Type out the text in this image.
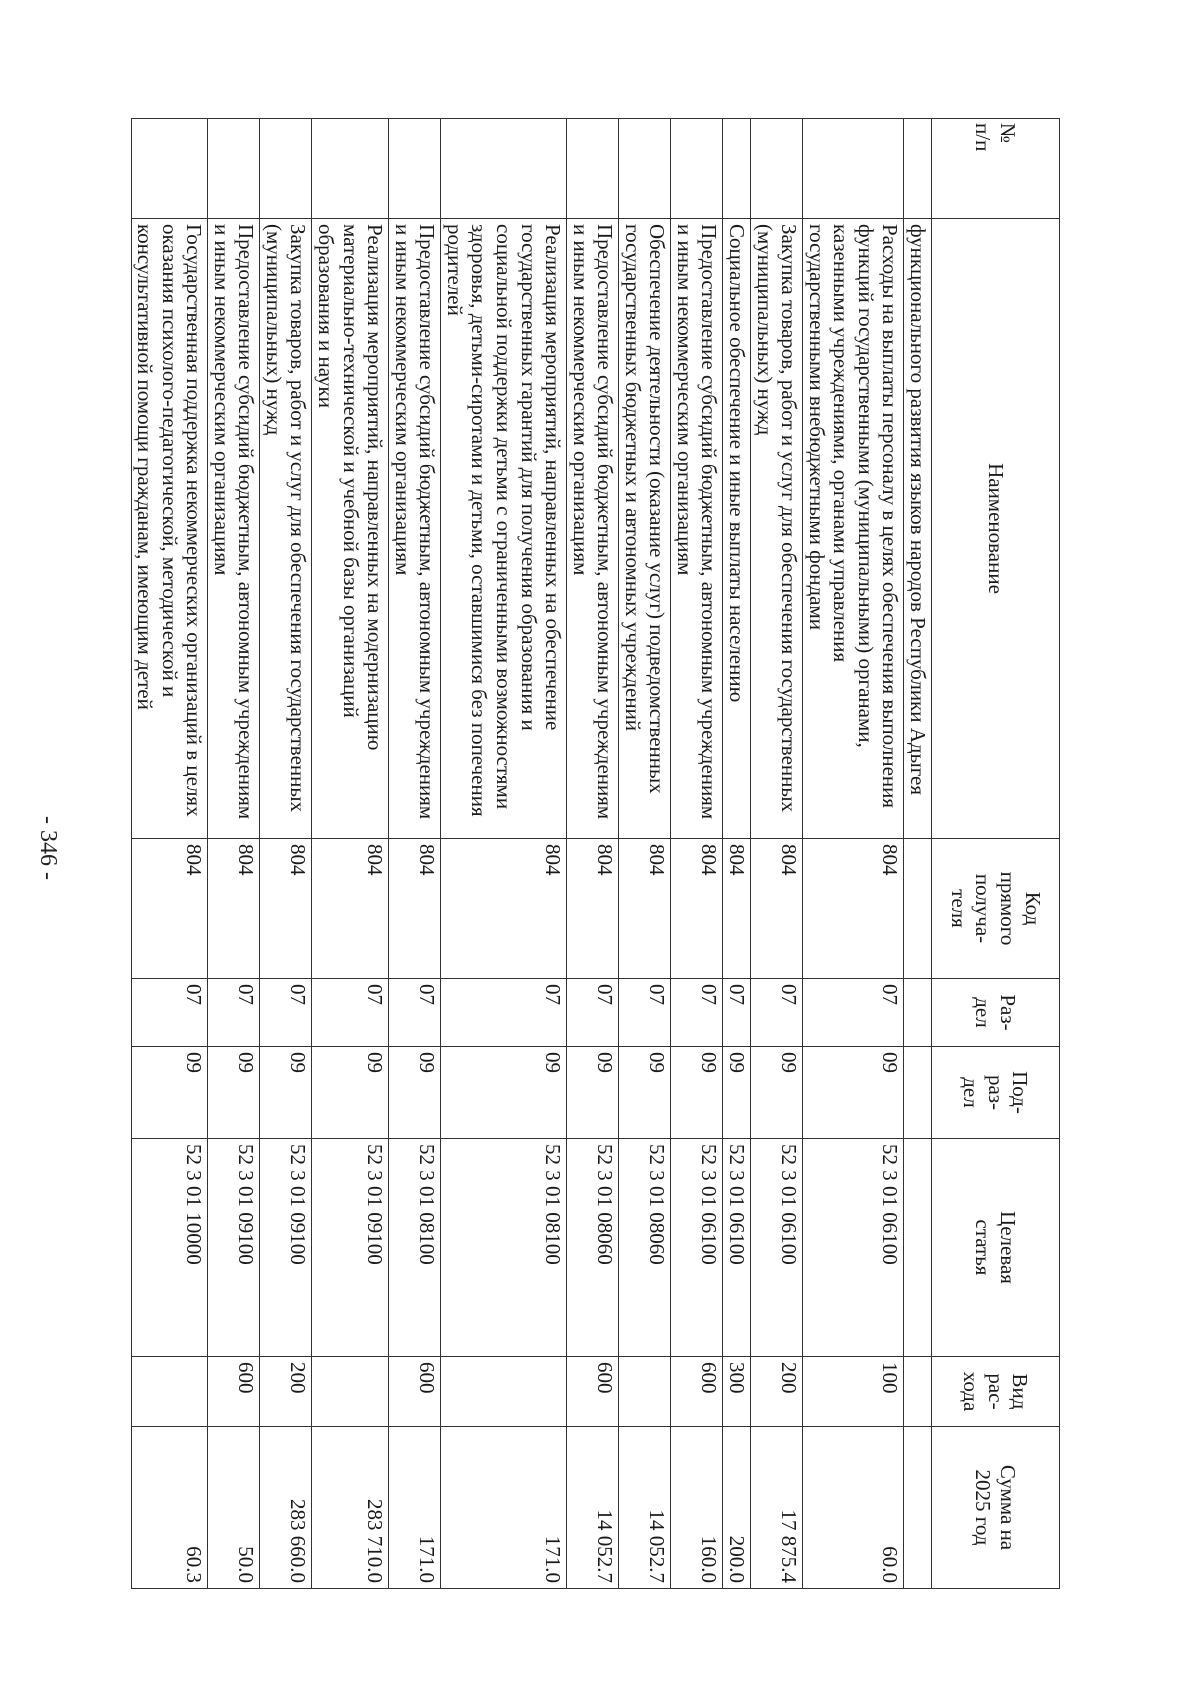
- 346 -
№
п/п	Наименование	Код
прямого
получа-
теля	Раз-
дел	Под-
раз-
дел	Целевая
статья	Вид
рас-
хода	Сумма на
2025 год
	функционального развития языков народов Республики Адыгея						
	Расходы на выплаты персоналу в целях обеспечения выполнения функций государственными (муниципальными) органами, казенными учреждениями, органами управления государственными внебюджетными фондами	804	07	09	52 3 01 06100	100	60.0
	Закупка товаров, работ и услуг для обеспечения государственных (муниципальных) нужд	804	07	09	52 3 01 06100	200	17 875.4
	Социальное обеспечение и иные выплаты населению	804	07	09	52 3 01 06100	300	200.0
	Предоставление субсидий бюджетным, автономным учреждениям и иным некоммерческим организациям	804	07	09	52 3 01 06100	600	160.0
	Обеспечение деятельности (оказание услуг) подведомственных государственных бюджетных и автономных учреждений	804	07	09	52 3 01 08060		14 052.7
	Предоставление субсидий бюджетным, автономным учреждениям и иным некоммерческим организациям	804	07	09	52 3 01 08060	600	14 052.7
	Реализация мероприятий, направленных на обеспечение государственных гарантий для получения образования и социальной поддержки детьми с ограниченными возможностями здоровья, детьми-сиротами и детьми, оставшимися без попечения родителей	804	07	09	52 3 01 08100		171.0
	Предоставление субсидий бюджетным, автономным учреждениям и иным некоммерческим организациям	804	07	09	52 3 01 08100	600	171.0
	Реализация мероприятий, направленных на модернизацию материально-технической и учебной базы организаций образования и науки	804	07	09	52 3 01 09100		283 710.0
	Закупка товаров, работ и услуг для обеспечения государственных (муниципальных) нужд	804	07	09	52 3 01 09100	200	283 660.0
	Предоставление субсидий бюджетным, автономным учреждениям и иным некоммерческим организациям	804	07	09	52 3 01 09100	600	50.0
	Государственная поддержка некоммерческих организаций в целях оказания психолого-педагогической, методической и консультативной помощи гражданам, имеющим детей	804	07	09	52 3 01 10000		60.3
